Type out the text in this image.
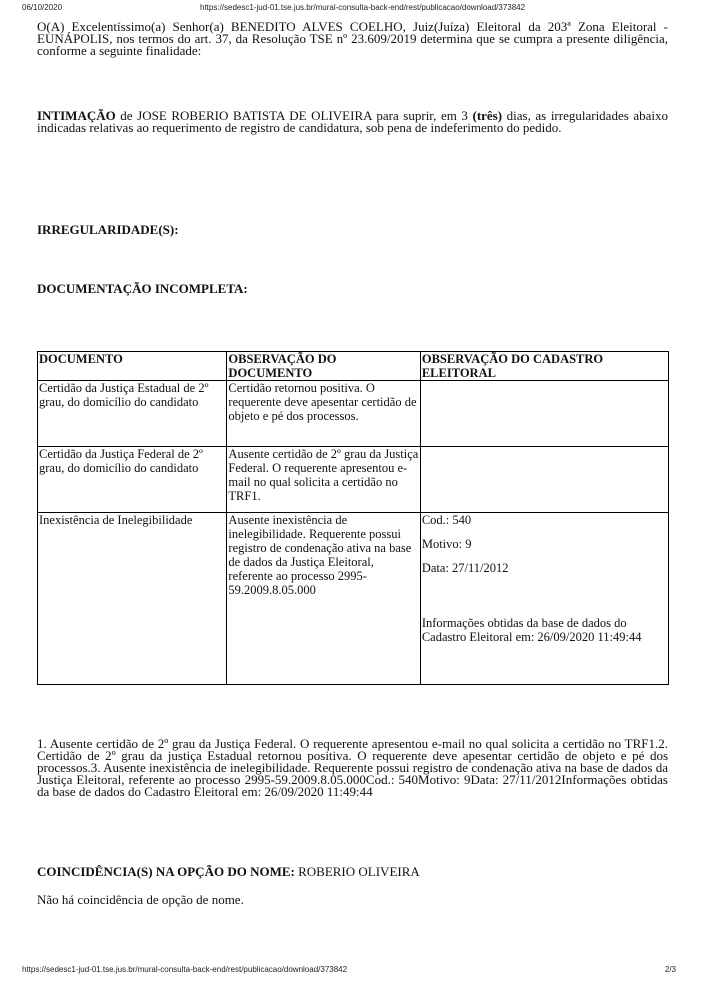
06/10/2020	https://sedesc1-jud-01.tse.jus.br/mural-consulta-back-end/rest/publicacao/download/373842

O(A) Excelentíssimo(a) Senhor(a) BENEDITO ALVES COELHO, Juiz(Juíza) Eleitoral da 203ª Zona Eleitoral - EUNÁPOLIS, nos termos do art. 37, da Resolução TSE nº 23.609/2019 determina que se cumpra a presente diligência, conforme a seguinte finalidade:

INTIMAÇÃO de JOSE ROBERIO BATISTA DE OLIVEIRA para suprir, em 3 (três) dias, as irregularidades abaixo indicadas relativas ao requerimento de registro de candidatura, sob pena de indeferimento do pedido.

IRREGULARIDADE(S):

DOCUMENTAÇÃO INCOMPLETA:

DOCUMENTO	OBSERVAÇÃO DO DOCUMENTO	OBSERVAÇÃO DO CADASTRO ELEITORAL
Certidão da Justiça Estadual de 2º grau, do domicílio do candidato	Certidão retornou positiva. O requerente deve apesentar certidão de objeto e pé dos processos.	
Certidão da Justiça Federal de 2º grau, do domicílio do candidato	Ausente certidão de 2º grau da Justiça Federal. O requerente apresentou e-mail no qual solicita a certidão no TRF1.	
Inexistência de Inelegibilidade	Ausente inexistência de inelegibilidade. Requerente possui registro de condenação ativa na base de dados da Justiça Eleitoral, referente ao processo 2995-59.2009.8.05.000	Cod.: 540
Motivo: 9
Data: 27/11/2012
Informações obtidas da base de dados do Cadastro Eleitoral em: 26/09/2020 11:49:44

1. Ausente certidão de 2º grau da Justiça Federal. O requerente apresentou e-mail no qual solicita a certidão no TRF1.2. Certidão de 2º grau da justiça Estadual retornou positiva. O requerente deve apesentar certidão de objeto e pé dos processos.3. Ausente inexistência de inelegibilidade. Requerente possui registro de condenação ativa na base de dados da Justiça Eleitoral, referente ao processo 2995-59.2009.8.05.000Cod.: 540Motivo: 9Data: 27/11/2012Informações obtidas da base de dados do Cadastro Eleitoral em: 26/09/2020 11:49:44

COINCIDÊNCIA(S) NA OPÇÃO DO NOME: ROBERIO OLIVEIRA

Não há coincidência de opção de nome.

https://sedesc1-jud-01.tse.jus.br/mural-consulta-back-end/rest/publicacao/download/373842	2/3
